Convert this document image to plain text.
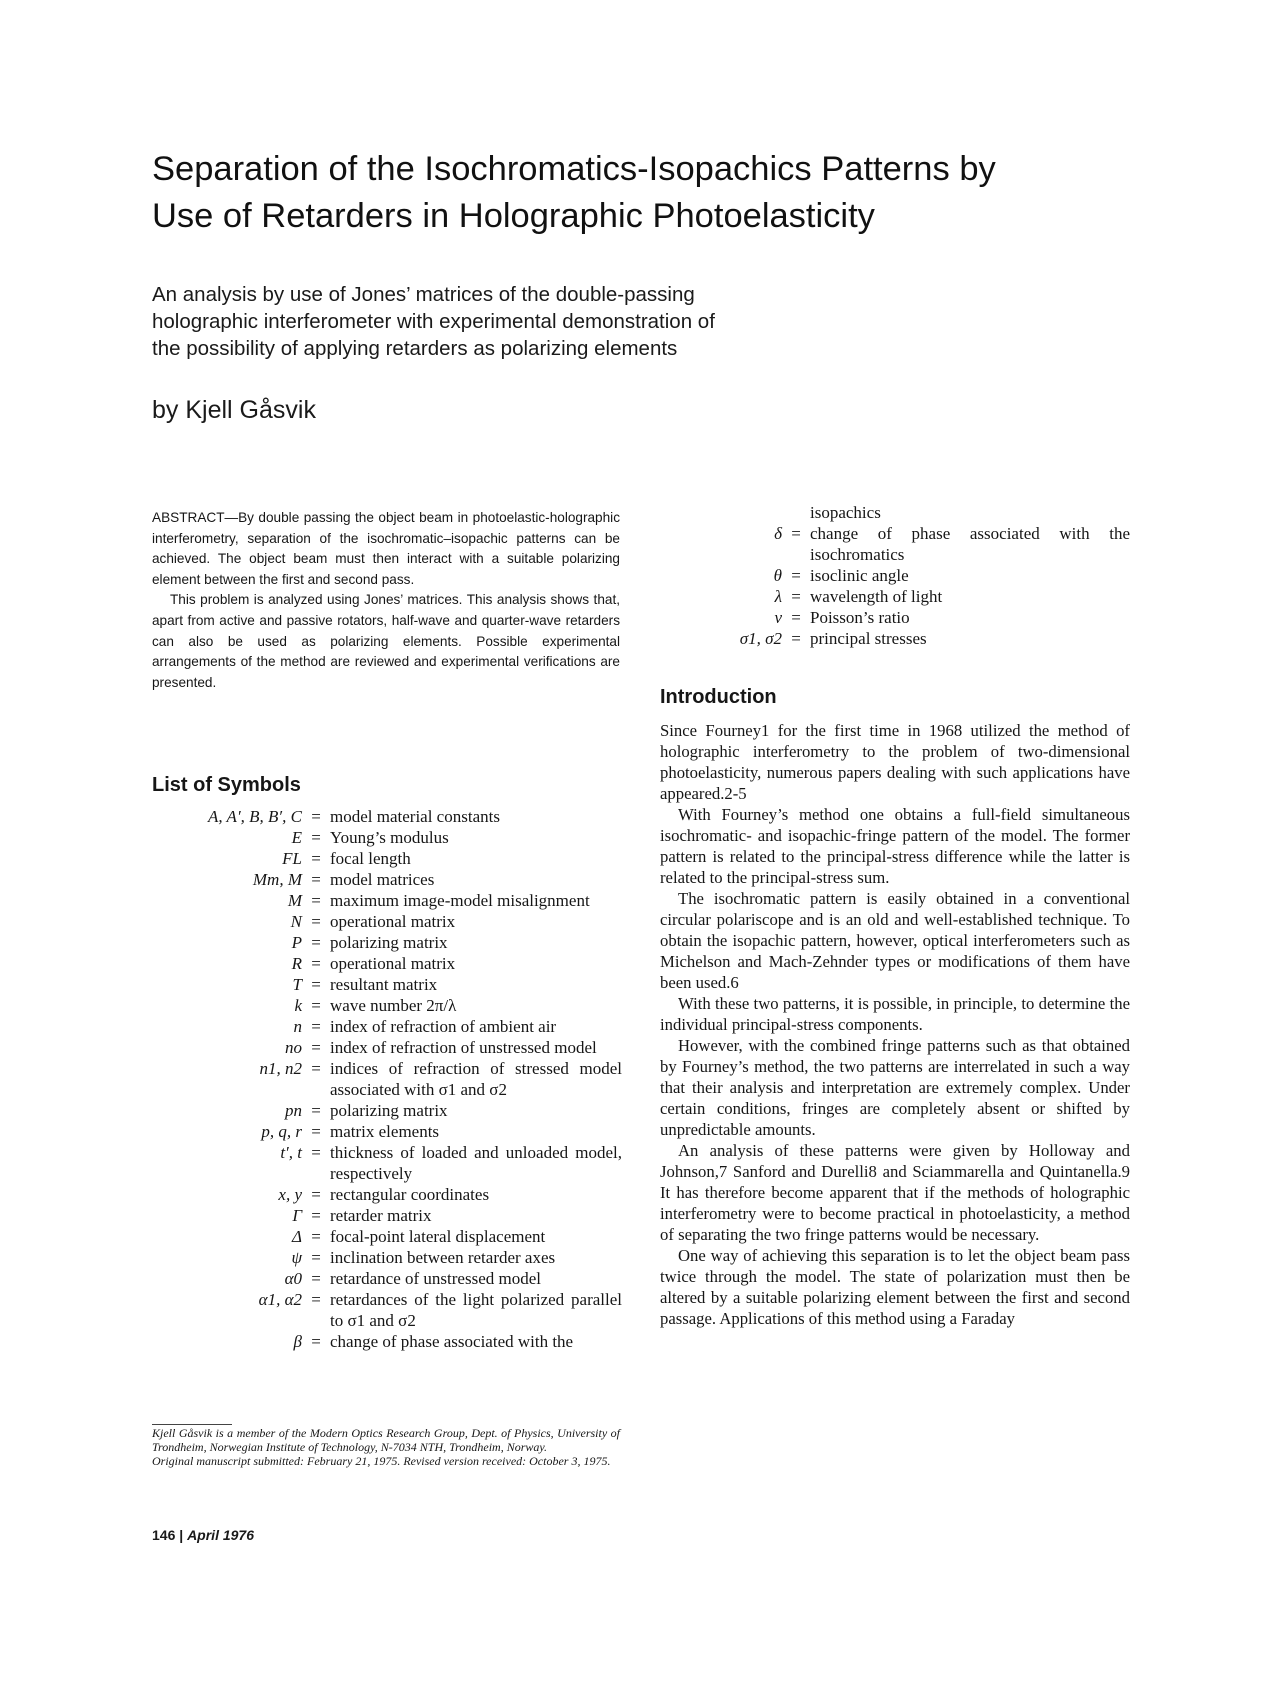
Separation of the Isochromatics-Isopachics Patterns by
Use of Retarders in Holographic Photoelasticity

An analysis by use of Jones’ matrices of the double-passing
holographic interferometer with experimental demonstration of
the possibility of applying retarders as polarizing elements

by Kjell Gåsvik

ABSTRACT—By double passing the object beam in photoelastic-holographic interferometry, separation of the isochromatic–isopachic patterns can be achieved. The object beam must then interact with a suitable polarizing element between the first and second pass.

This problem is analyzed using Jones’ matrices. This analysis shows that, apart from active and passive rotators, half-wave and quarter-wave retarders can also be used as polarizing elements. Possible experimental arrangements of the method are reviewed and experimental verifications are presented.

List of Symbols
A, A′, B, B′, C = model material constants
E = Young’s modulus
FL = focal length
Mm, M = model matrices
M = maximum image-model misalignment
N = operational matrix
P = polarizing matrix
R = operational matrix
T = resultant matrix
k = wave number 2π/λ
n = index of refraction of ambient air
no = index of refraction of unstressed model
n1, n2 = indices of refraction of stressed model associated with σ1 and σ2
pn = polarizing matrix
p, q, r = matrix elements
t′, t = thickness of loaded and unloaded model, respectively
x, y = rectangular coordinates
Γ = retarder matrix
Δ = focal-point lateral displacement
ψ = inclination between retarder axes
α0 = retardance of unstressed model
α1, α2 = retardances of the light polarized parallel to σ1 and σ2
β = change of phase associated with the
isopachics
δ = change of phase associated with the isochromatics
θ = isoclinic angle
λ = wavelength of light
ν = Poisson’s ratio
σ1, σ2 = principal stresses

Kjell Gåsvik is a member of the Modern Optics Research Group, Dept. of Physics, University of Trondheim, Norwegian Institute of Technology, N-7034 NTH, Trondheim, Norway.

Original manuscript submitted: February 21, 1975. Revised version received: October 3, 1975.

Introduction

Since Fourney1 for the first time in 1968 utilized the method of holographic interferometry to the problem of two-dimensional photoelasticity, numerous papers dealing with such applications have appeared.2-5

With Fourney’s method one obtains a full-field simultaneous isochromatic- and isopachic-fringe pattern of the model. The former pattern is related to the principal-stress difference while the latter is related to the principal-stress sum.

The isochromatic pattern is easily obtained in a conventional circular polariscope and is an old and well-established technique. To obtain the isopachic pattern, however, optical interferometers such as Michelson and Mach-Zehnder types or modifications of them have been used.6

With these two patterns, it is possible, in principle, to determine the individual principal-stress components.

However, with the combined fringe patterns such as that obtained by Fourney’s method, the two patterns are interrelated in such a way that their analysis and interpretation are extremely complex. Under certain conditions, fringes are completely absent or shifted by unpredictable amounts.

An analysis of these patterns were given by Holloway and Johnson,7 Sanford and Durelli8 and Sciammarella and Quintanella.9 It has therefore become apparent that if the methods of holographic interferometry were to become practical in photoelasticity, a method of separating the two fringe patterns would be necessary.

One way of achieving this separation is to let the object beam pass twice through the model. The state of polarization must then be altered by a suitable polarizing element between the first and second passage. Applications of this method using a Faraday

146 | April 1976
